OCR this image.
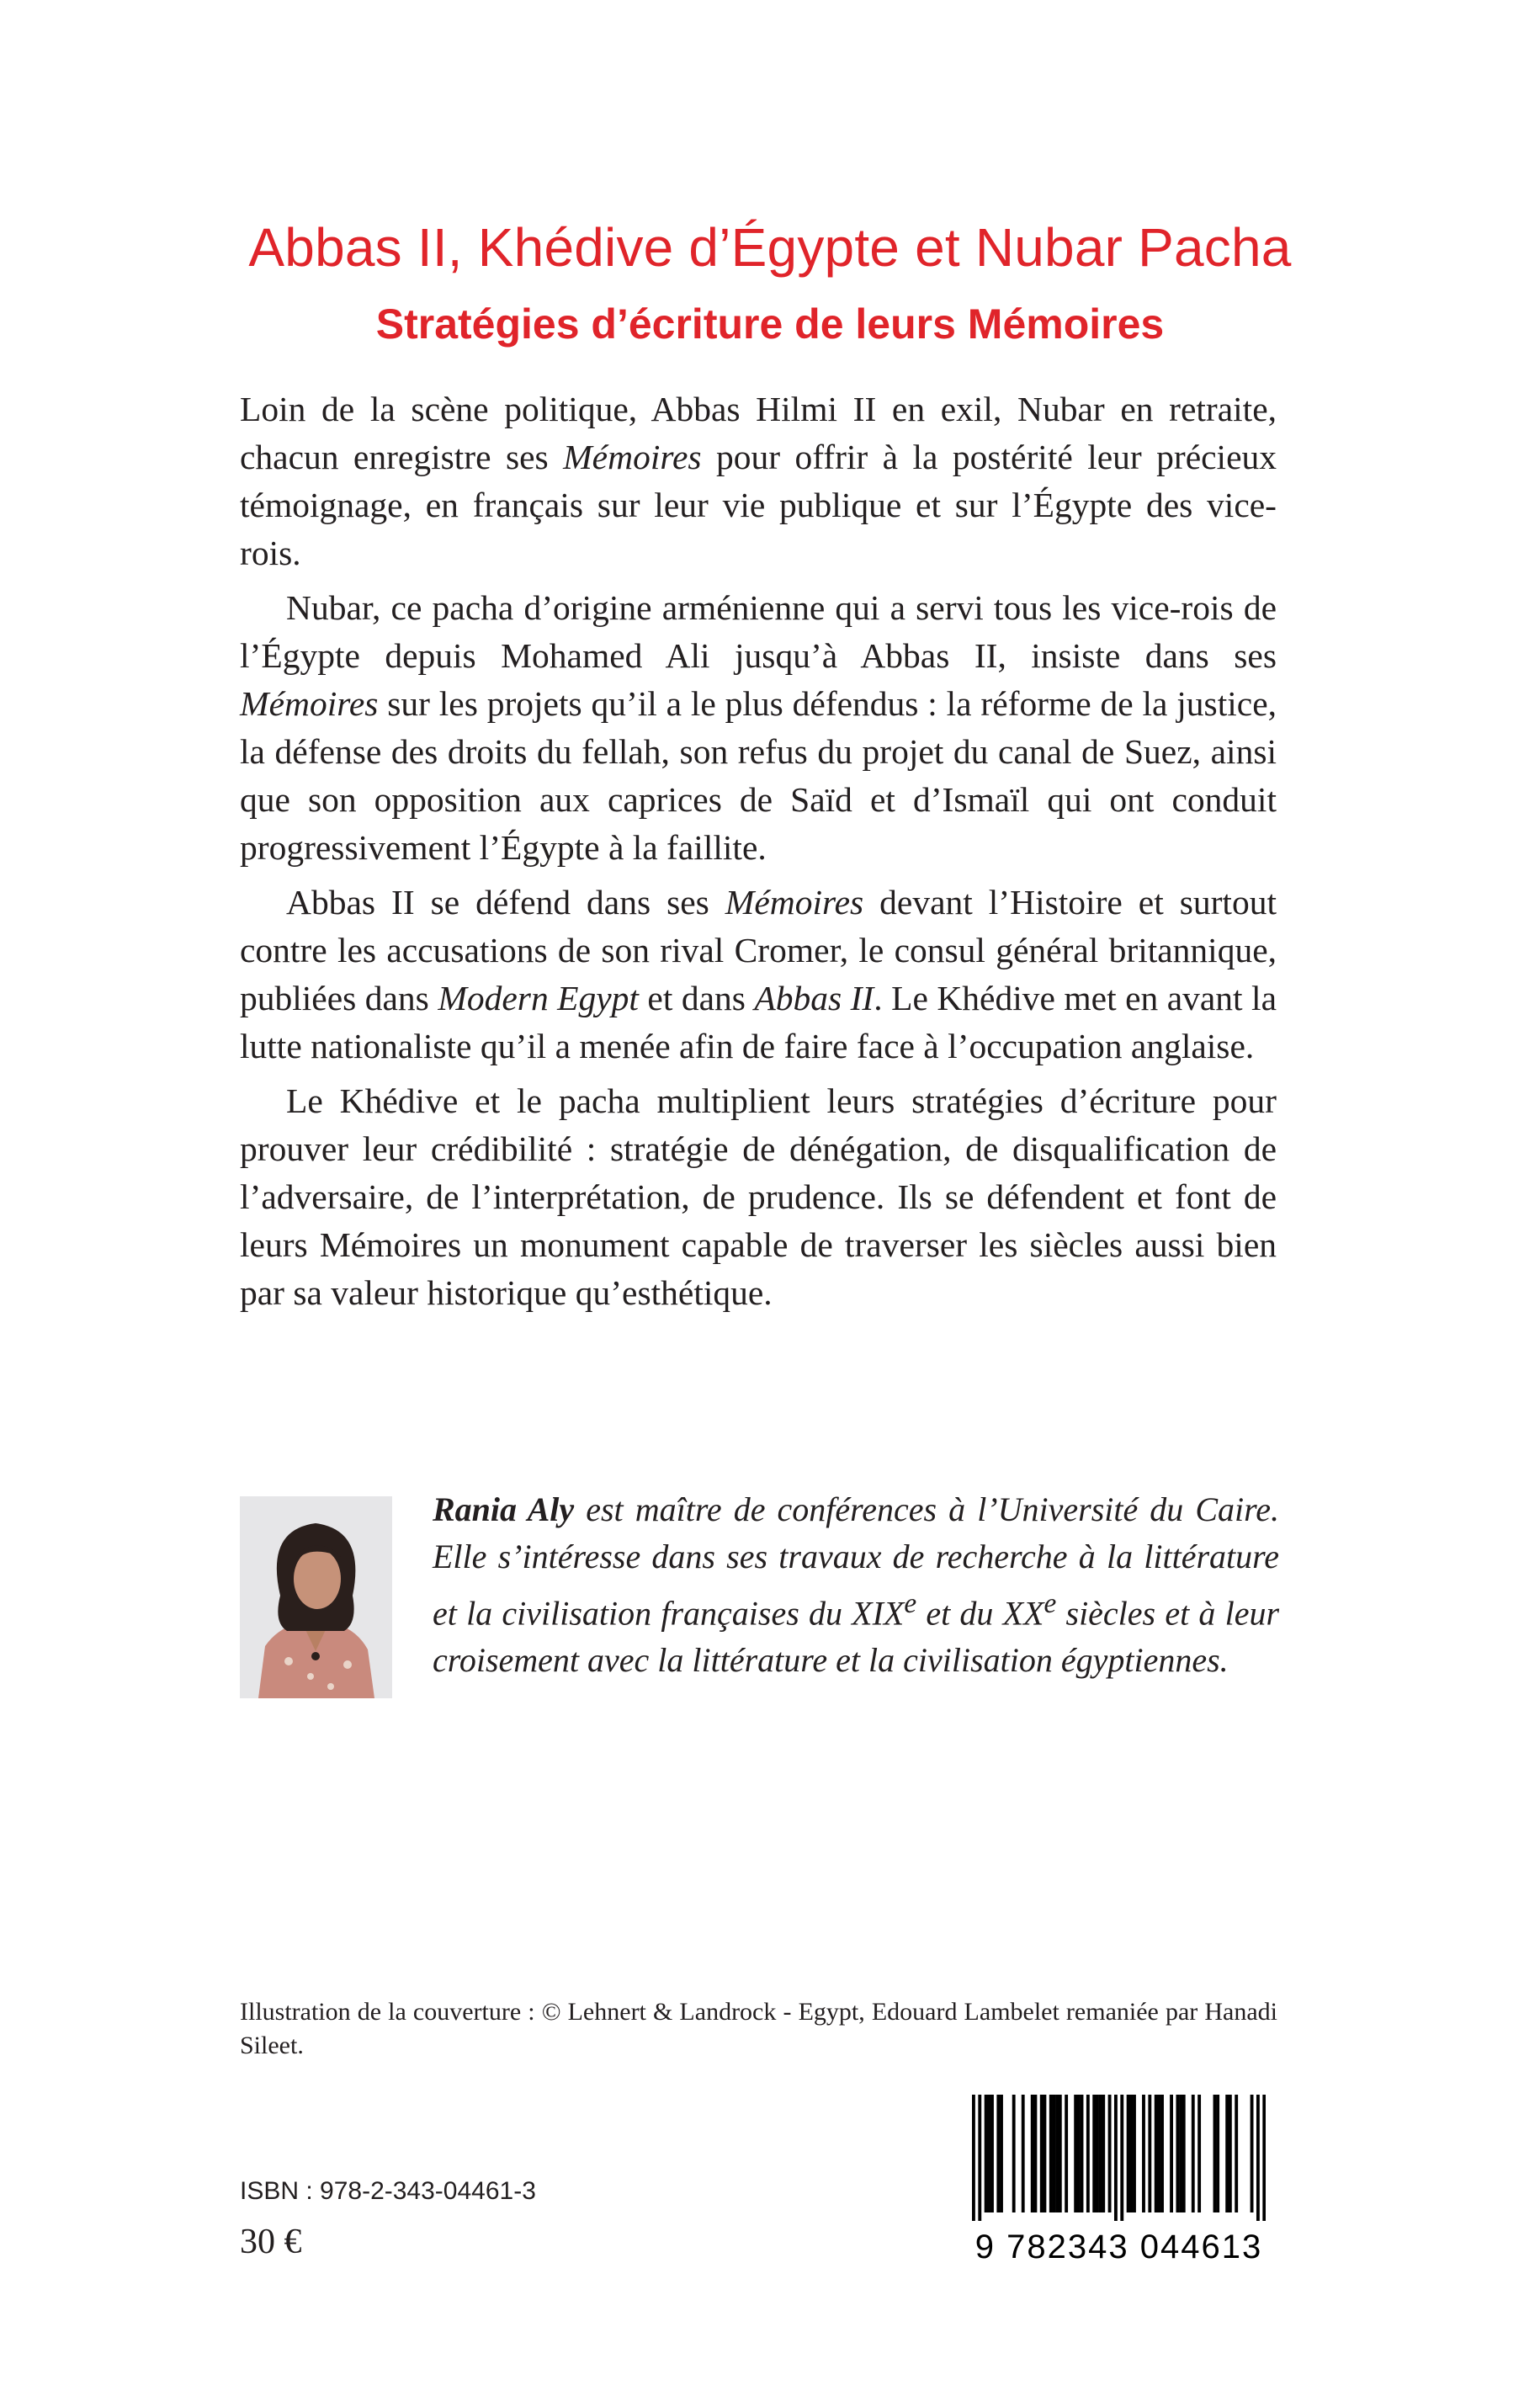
Abbas II, Khédive d’Égypte et Nubar Pacha
Stratégies d’écriture de leurs Mémoires

Loin de la scène politique, Abbas Hilmi II en exil, Nubar en retraite, chacun enregistre ses Mémoires pour offrir à la postérité leur précieux témoignage, en français sur leur vie publique et sur l’Égypte des vice-rois.

Nubar, ce pacha d’origine arménienne qui a servi tous les vice-rois de l’Égypte depuis Mohamed Ali jusqu’à Abbas II, insiste dans ses Mémoires sur les projets qu’il a le plus défendus : la réforme de la justice, la défense des droits du fellah, son refus du projet du canal de Suez, ainsi que son opposition aux caprices de Saïd et d’Ismaïl qui ont conduit progressivement l’Égypte à la faillite.

Abbas II se défend dans ses Mémoires devant l’Histoire et surtout contre les accusations de son rival Cromer, le consul général britannique, publiées dans Modern Egypt et dans Abbas II. Le Khédive met en avant la lutte nationaliste qu’il a menée afin de faire face à l’occupation anglaise.

Le Khédive et le pacha multiplient leurs stratégies d’écriture pour prouver leur crédibilité : stratégie de dénégation, de disqualification de l’adversaire, de l’interprétation, de prudence. Ils se défendent et font de leurs Mémoires un monument capable de traverser les siècles aussi bien par sa valeur historique qu’esthétique.

Rania Aly est maître de conférences à l’Université du Caire. Elle s’intéresse dans ses travaux de recherche à la littérature et la civilisation françaises du XIXe et du XXe siècles et à leur croisement avec la littérature et la civilisation égyptiennes.

Illustration de la couverture : © Lehnert & Landrock - Egypt, Edouard Lambelet remaniée par Hanadi Sileet.

ISBN : 978-2-343-04461-3

30 €	9 782343 044613
